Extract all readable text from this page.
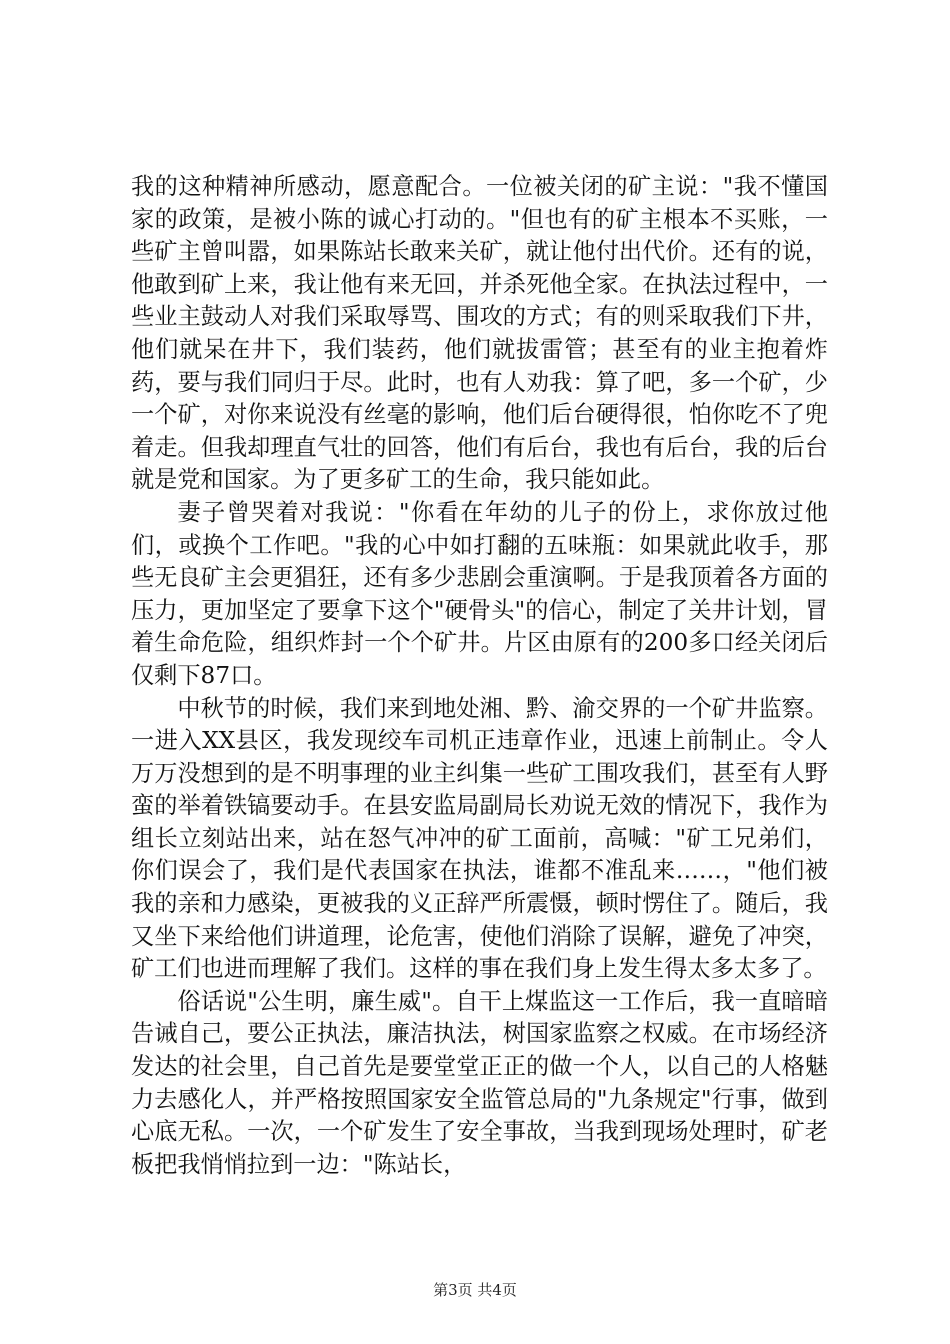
我的这种精神所感动，愿意配合。一位被关闭的矿主说："我不懂国家的政策，是被小陈的诚心打动的。"但也有的矿主根本不买账，一些矿主曾叫嚣，如果陈站长敢来关矿，就让他付出代价。还有的说，他敢到矿上来，我让他有来无回，并杀死他全家。在执法过程中，一些业主鼓动人对我们采取辱骂、围攻的方式；有的则采取我们下井，他们就呆在井下，我们装药，他们就拔雷管；甚至有的业主抱着炸药，要与我们同归于尽。此时，也有人劝我：算了吧，多一个矿，少一个矿，对你来说没有丝毫的影响，他们后台硬得很，怕你吃不了兜着走。但我却理直气壮的回答，他们有后台，我也有后台，我的后台就是党和国家。为了更多矿工的生命，我只能如此。

妻子曾哭着对我说："你看在年幼的儿子的份上，求你放过他们，或换个工作吧。"我的心中如打翻的五味瓶：如果就此收手，那些无良矿主会更猖狂，还有多少悲剧会重演啊。于是我顶着各方面的压力，更加坚定了要拿下这个"硬骨头"的信心，制定了关井计划，冒着生命危险，组织炸封一个个矿井。片区由原有的200多口经关闭后仅剩下87口。

中秋节的时候，我们来到地处湘、黔、渝交界的一个矿井监察。一进入XX县区，我发现绞车司机正违章作业，迅速上前制止。令人万万没想到的是不明事理的业主纠集一些矿工围攻我们，甚至有人野蛮的举着铁镐要动手。在县安监局副局长劝说无效的情况下，我作为组长立刻站出来，站在怒气冲冲的矿工面前，高喊："矿工兄弟们，你们误会了，我们是代表国家在执法，谁都不准乱来……，"他们被我的亲和力感染，更被我的义正辞严所震慑，顿时愣住了。随后，我又坐下来给他们讲道理，论危害，使他们消除了误解，避免了冲突，矿工们也进而理解了我们。这样的事在我们身上发生得太多太多了。

俗话说"公生明，廉生威"。自干上煤监这一工作后，我一直暗暗告诫自己，要公正执法，廉洁执法，树国家监察之权威。在市场经济发达的社会里，自己首先是要堂堂正正的做一个人，以自己的人格魅力去感化人，并严格按照国家安全监管总局的"九条规定"行事，做到心底无私。一次，一个矿发生了安全事故，当我到现场处理时，矿老板把我悄悄拉到一边："陈站长，

第3页 共4页
